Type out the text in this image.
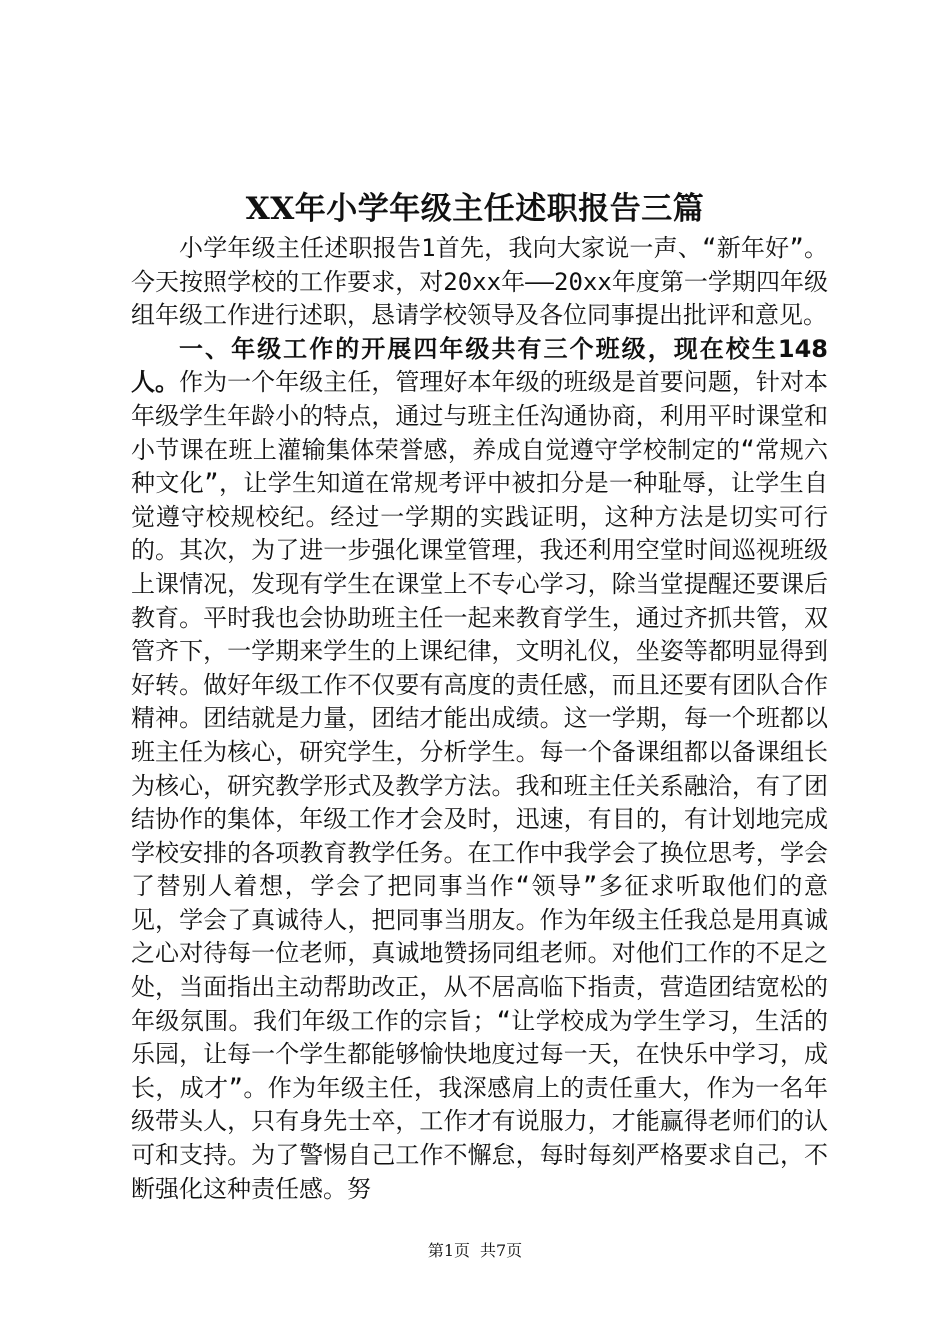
XX年小学年级主任述职报告三篇

小学年级主任述职报告1首先，我向大家说一声、“新年好”。今天按照学校的工作要求，对20xx年——20xx年度第一学期四年级组年级工作进行述职，恳请学校领导及各位同事提出批评和意见。

一、年级工作的开展四年级共有三个班级，现在校生148人。作为一个年级主任，管理好本年级的班级是首要问题，针对本年级学生年龄小的特点，通过与班主任沟通协商，利用平时课堂和小节课在班上灌输集体荣誉感，养成自觉遵守学校制定的“常规六种文化”，让学生知道在常规考评中被扣分是一种耻辱，让学生自觉遵守校规校纪。经过一学期的实践证明，这种方法是切实可行的。其次，为了进一步强化课堂管理，我还利用空堂时间巡视班级上课情况，发现有学生在课堂上不专心学习，除当堂提醒还要课后教育。平时我也会协助班主任一起来教育学生，通过齐抓共管，双管齐下，一学期来学生的上课纪律，文明礼仪，坐姿等都明显得到好转。做好年级工作不仅要有高度的责任感，而且还要有团队合作精神。团结就是力量，团结才能出成绩。这一学期，每一个班都以班主任为核心，研究学生，分析学生。每一个备课组都以备课组长为核心，研究教学形式及教学方法。我和班主任关系融洽，有了团结协作的集体，年级工作才会及时，迅速，有目的，有计划地完成学校安排的各项教育教学任务。在工作中我学会了换位思考，学会了替别人着想，学会了把同事当作“领导”多征求听取他们的意见，学会了真诚待人，把同事当朋友。作为年级主任我总是用真诚之心对待每一位老师，真诚地赞扬同组老师。对他们工作的不足之处，当面指出主动帮助改正，从不居高临下指责，营造团结宽松的年级氛围。我们年级工作的宗旨；“让学校成为学生学习，生活的乐园，让每一个学生都能够愉快地度过每一天，在快乐中学习，成长，成才”。作为年级主任，我深感肩上的责任重大，作为一名年级带头人，只有身先士卒，工作才有说服力，才能赢得老师们的认可和支持。为了警惕自己工作不懈怠，每时每刻严格要求自己，不断强化这种责任感。努

第1页 共7页
